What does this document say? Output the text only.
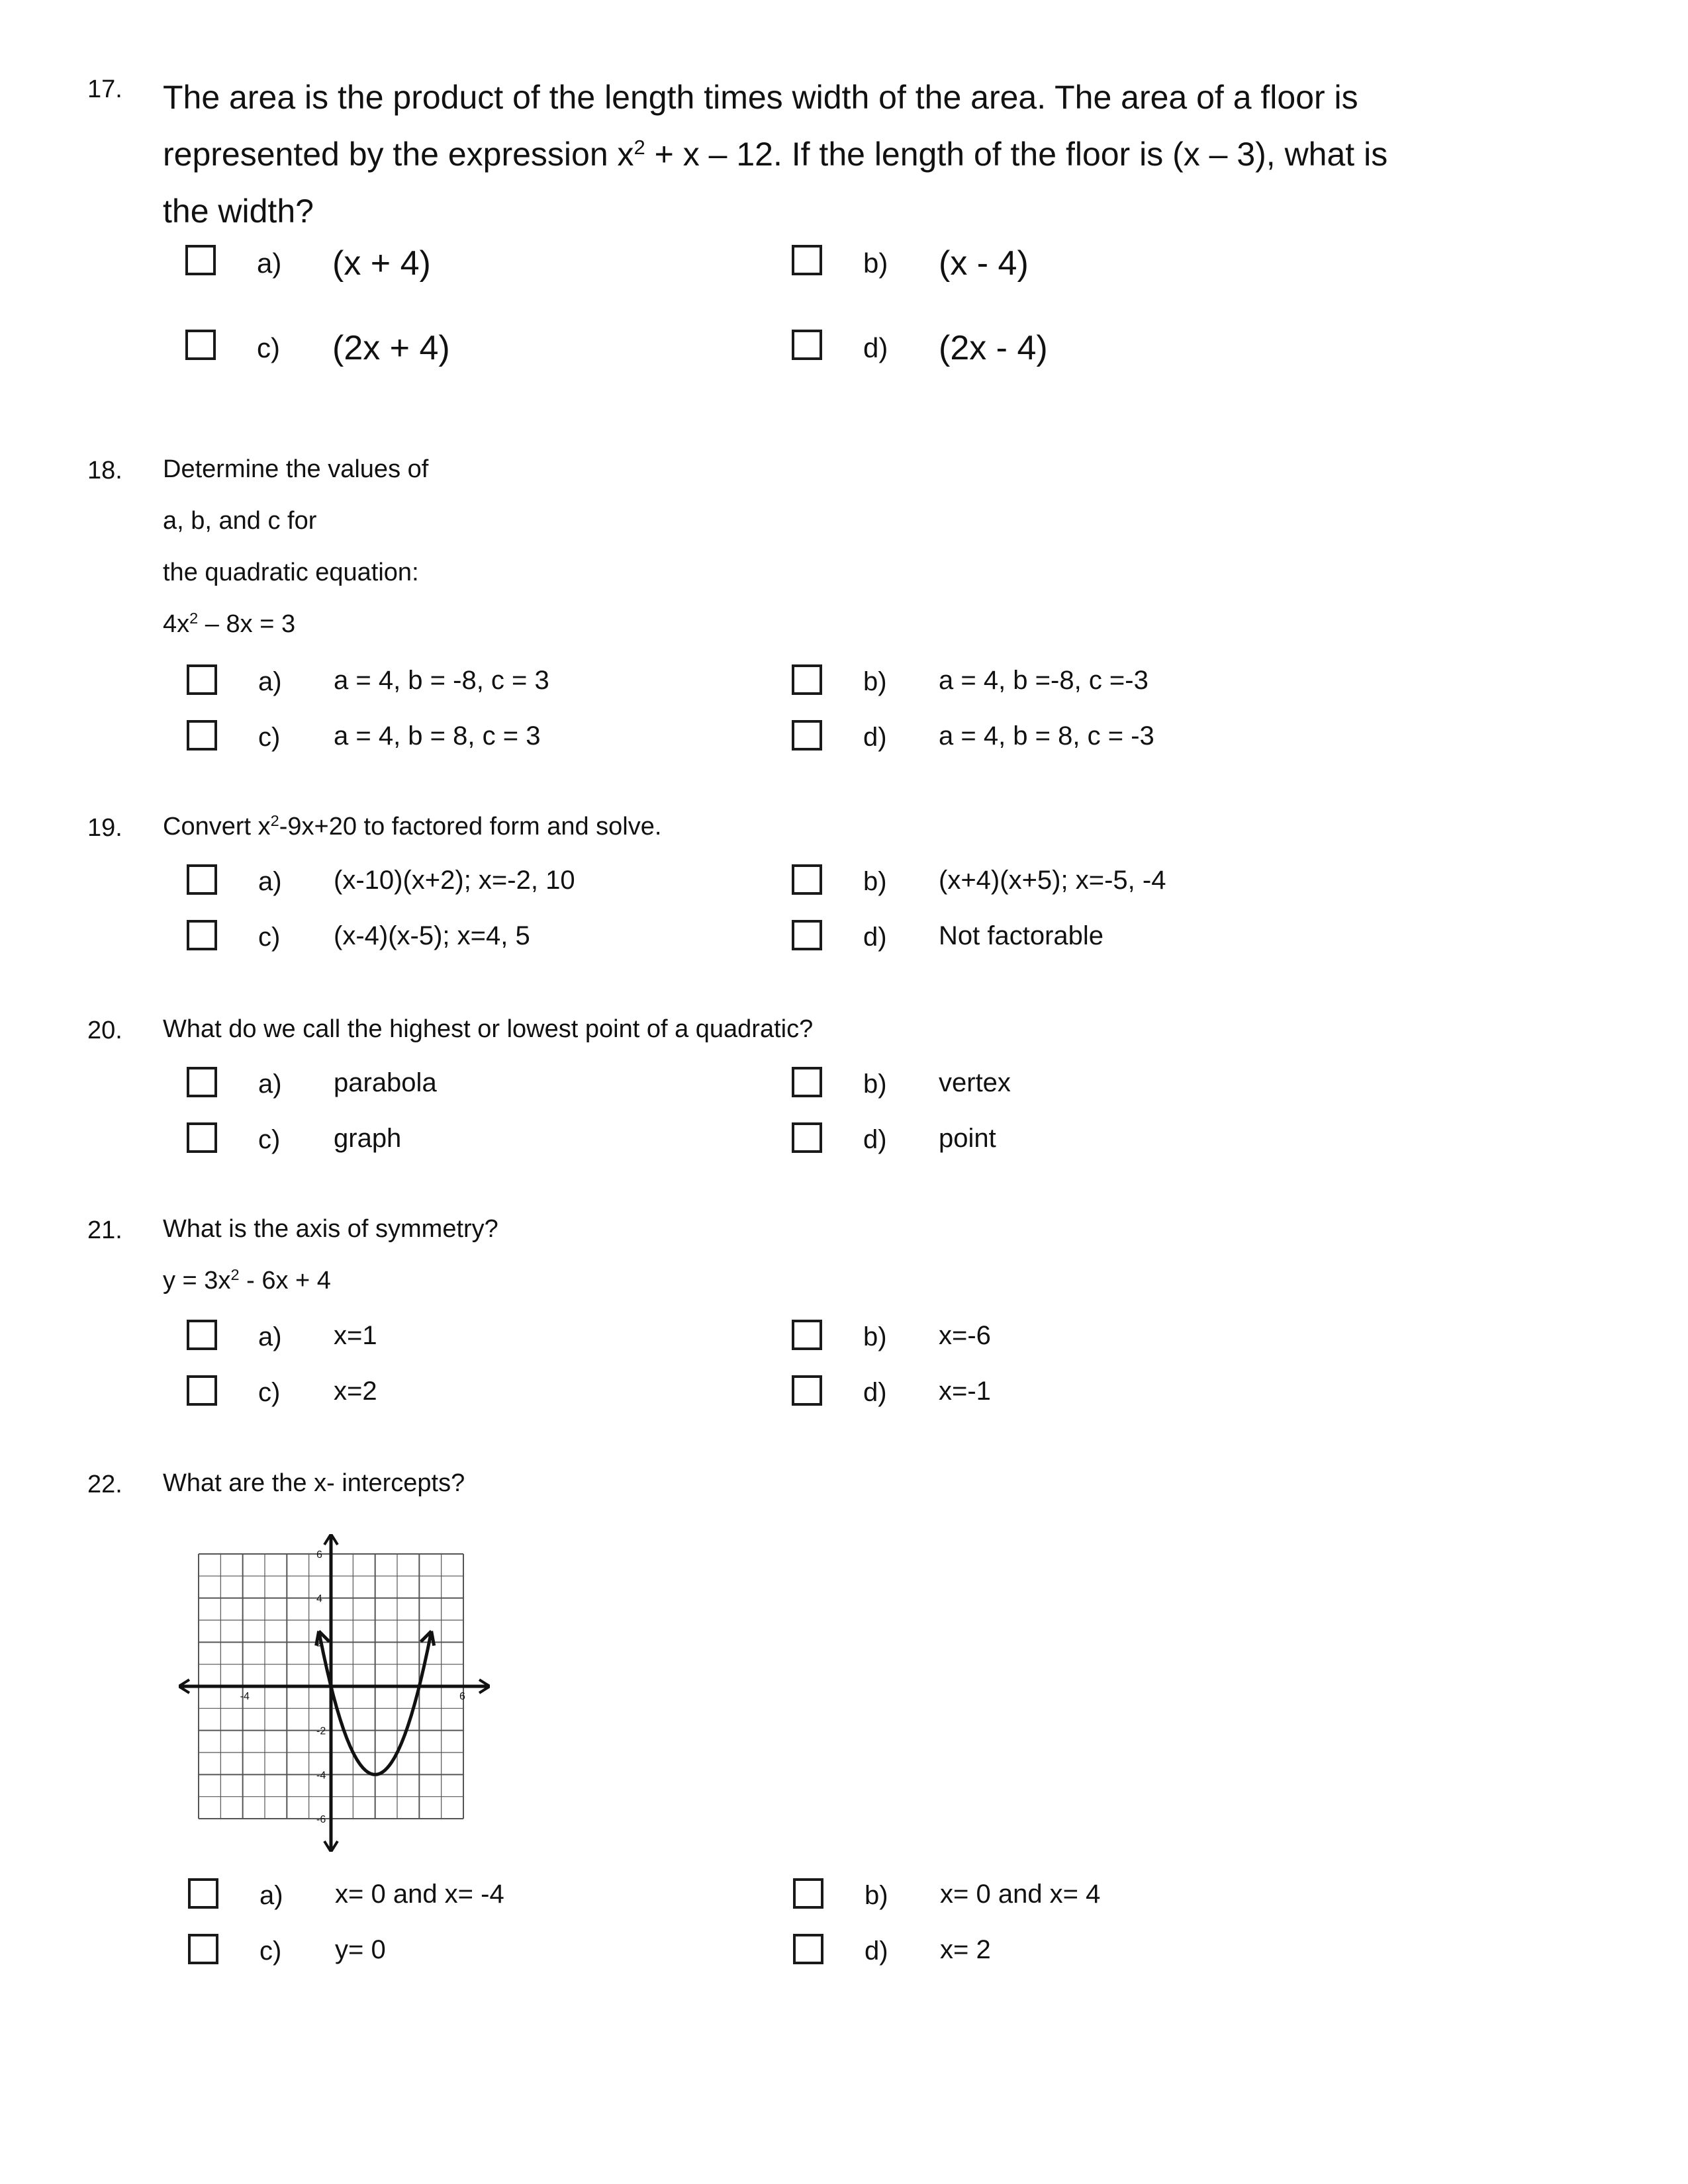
17. The area is the product of the length times width of the area. The area of a floor is
represented by the expression $x^2 + x - 12$. If the length of the floor is (x – 3), what is
the width?
a) (x + 4)	b) (x - 4)
c) (2x + 4)	d) (2x - 4)
18. Determine the values of
a, b, and c for
the quadratic equation:
$4x^2 - 8x = 3$
a) a = 4, b = -8, c = 3	b) a = 4, b =-8, c =-3
c) a = 4, b = 8, c = 3	d) a = 4, b = 8, c = -3
19. Convert $x^2-9x+20$ to factored form and solve.
a) (x-10)(x+2); x=-2, 10	b) (x+4)(x+5); x=-5, -4
c) (x-4)(x-5); x=4, 5	d) Not factorable
20. What do we call the highest or lowest point of a quadratic?
a) parabola	b) vertex
c) graph	d) point
21. What is the axis of symmetry?
$y = 3x^2 - 6x + 4$
a) x=1	b) x=-6
c) x=2	d) x=-1
22. What are the x- intercepts?
-4	6
6
4
2
-2
-4
-6
a) x= 0 and x= -4	b) x= 0 and x= 4
c) y= 0	d) x= 2
